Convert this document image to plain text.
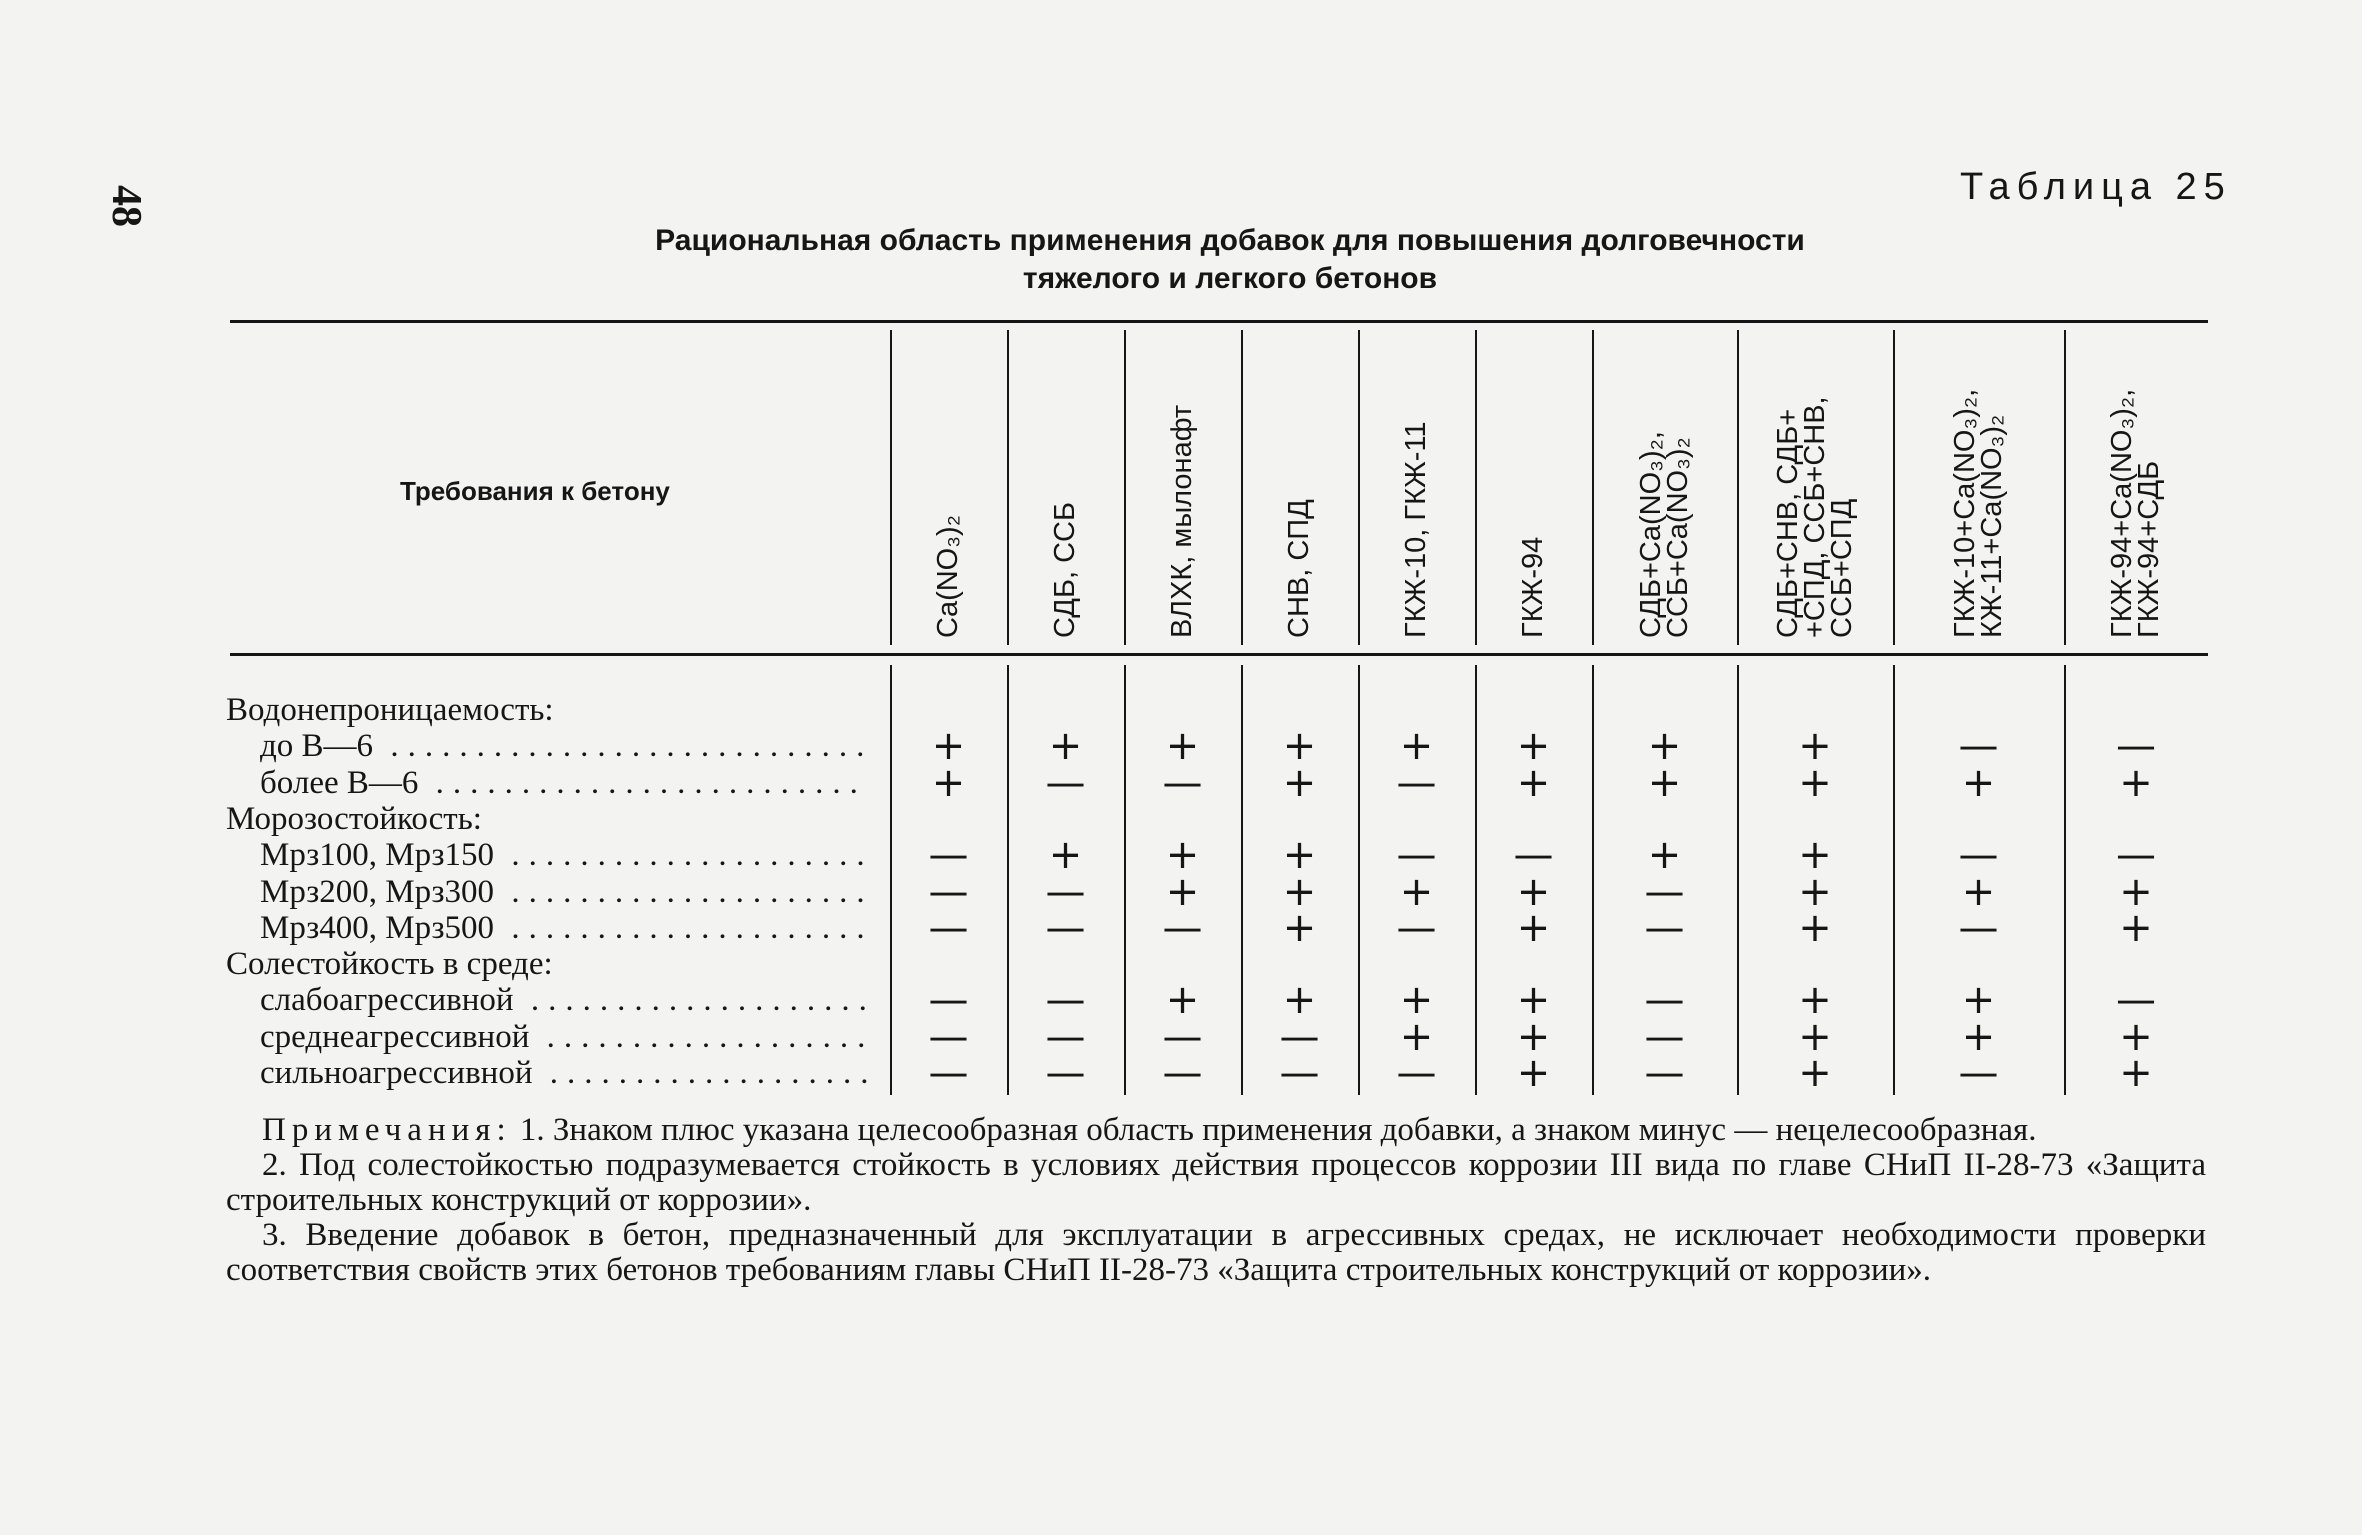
48	Таблица 25
Рациональная область применения добавок для повышения долговечности
тяжелого и легкого бетонов
Требования к бетону
Ca(NO₃)₂	СДБ, ССБ	ВЛХК, мылонафт	СНВ, СПД	ГКЖ-10, ГКЖ-11	ГКЖ-94	СДБ+Ca(NO₃)₂,
ССБ+Ca(NO₃)₂	СДБ+СНВ, СДБ+
+СПД, ССБ+СНВ,
ССБ+СПД	ГКЖ-10+Ca(NO₃)₂,
КЖ-11+Ca(NO₃)₂	ГКЖ-94+Ca(NO₃)₂,
ГКЖ-94+СДБ
Водонепроницаемость:
до В—6 ............................	+	+	+	+	+	+	+	+	—	—
более В—6 .........................	+	—	—	+	—	+	+	+	+	+
Морозостойкость:
Мрз100, Мрз150 .....................	—	+	+	+	—	—	+	+	—	—
Мрз200, Мрз300 .....................	—	—	+	+	+	+	—	+	+	+
Мрз400, Мрз500 .....................	—	—	—	+	—	+	—	+	—	+
Солестойкость в среде:
слабоагрессивной ....................	—	—	+	+	+	+	—	+	+	—
среднеагрессивной ...................	—	—	—	—	+	+	—	+	+	+
сильноагрессивной ...................	—	—	—	—	—	+	—	+	—	+

Примечания: 1. Знаком плюс указана целесообразная область применения добавки, а знаком минус — нецелесообразная.

2. Под солестойкостью подразумевается стойкость в условиях действия процессов коррозии III вида по главе СНиП II-28-73 «Защита строительных конструкций от коррозии».

3. Введение добавок в бетон, предназначенный для эксплуатации в агрессивных средах, не исключает необходимости проверки соответствия свойств этих бетонов требованиям главы СНиП II-28-73 «Защита строительных конструкций от коррозии».
